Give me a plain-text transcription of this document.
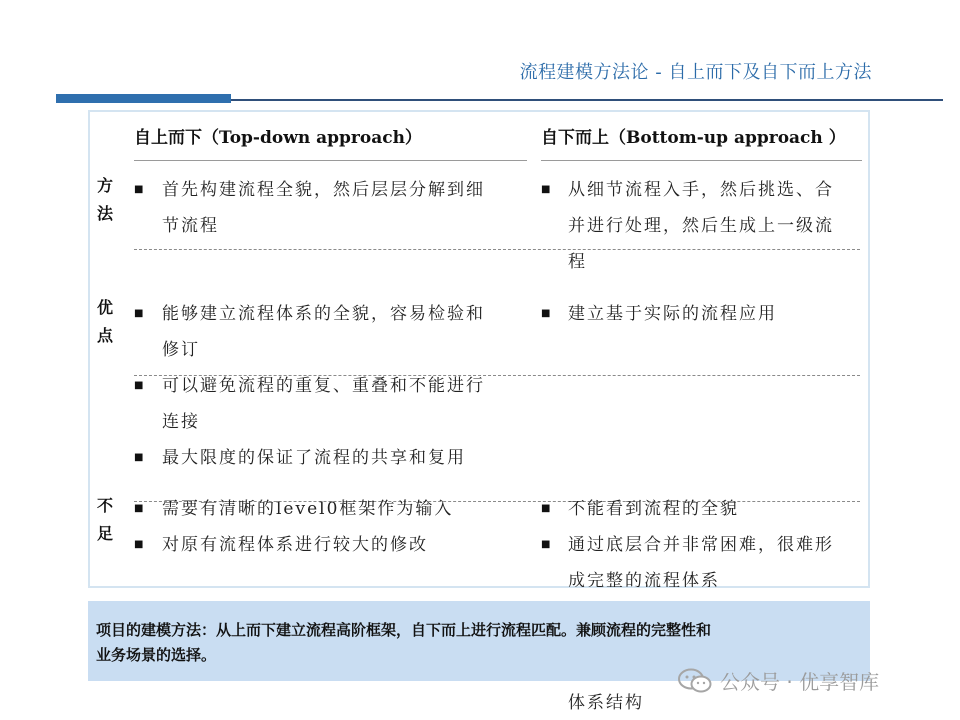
流程建模方法论 - 自上而下及自下而上方法
自上而下（Top-down approach）	自下而上（Bottom-up approach ）
方
法
■ 首先构建流程全貌，然后层层分解到细
节流程
■ 从细节流程入手，然后挑选、合
并进行处理，然后生成上一级流
程
优
点
■ 能够建立流程体系的全貌，容易检验和
修订
■ 可以避免流程的重复、重叠和不能进行
连接
■ 最大限度的保证了流程的共享和复用
■ 建立基于实际的流程应用
不
足
■ 需要有清晰的level0框架作为输入
■ 对原有流程体系进行较大的修改
■ 不能看到流程的全貌
■ 通过底层合并非常困难，很难形
成完整的流程体系
项目的建模方法：从上而下建立流程高阶框架，自下而上进行流程匹配。兼顾流程的完整性和
业务场景的选择。
体系结构
公众号 · 优享智库
